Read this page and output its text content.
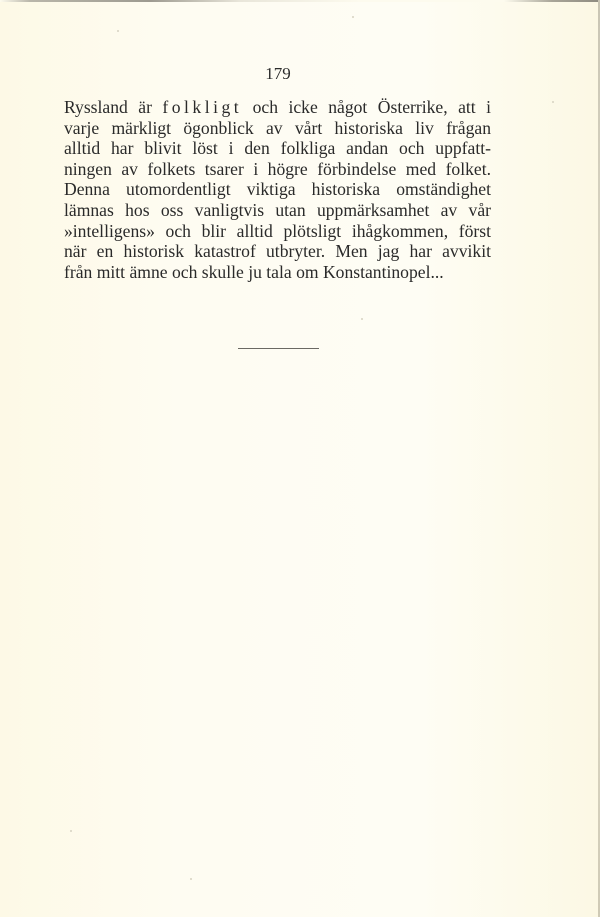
179
Ryssland är folkligt och icke något Österrike, att i
varje märkligt ögonblick av vårt historiska liv frågan
alltid har blivit löst i den folkliga andan och uppfatt-
ningen av folkets tsarer i högre förbindelse med folket.
Denna utomordentligt viktiga historiska omständighet
lämnas hos oss vanligtvis utan uppmärksamhet av vår
»intelligens» och blir alltid plötsligt ihågkommen, först
när en historisk katastrof utbryter. Men jag har avvikit
från mitt ämne och skulle ju tala om Konstantinopel...
